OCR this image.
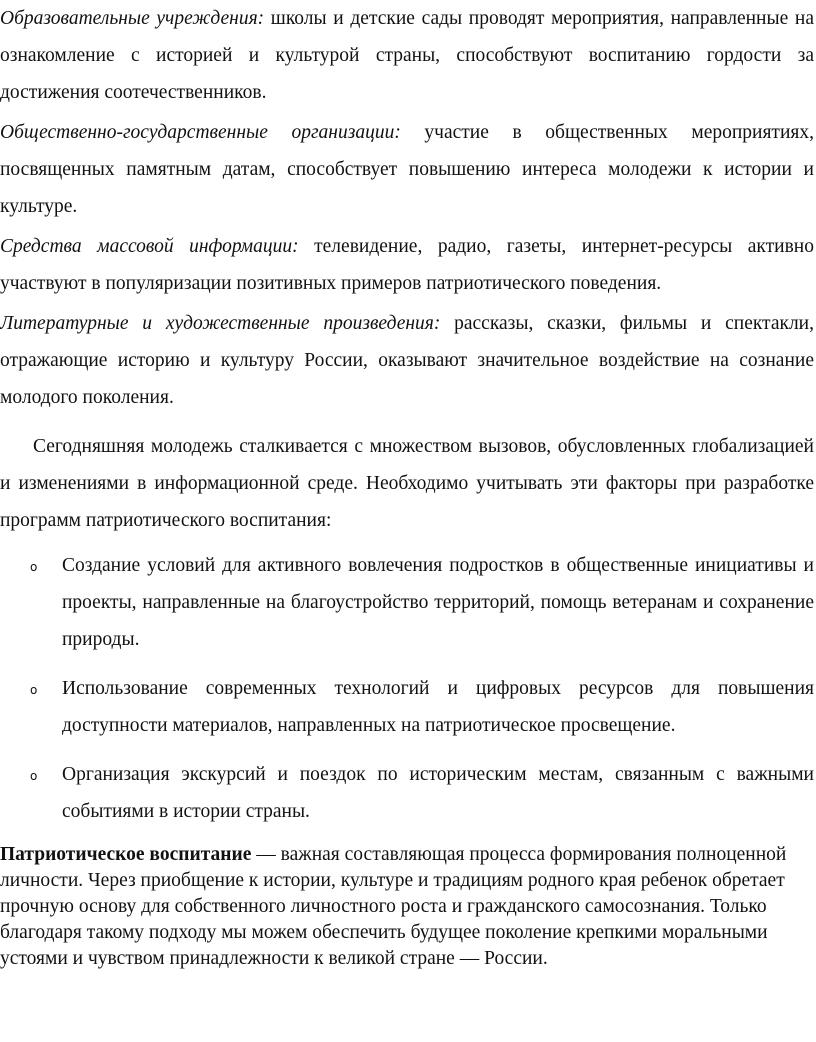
Образовательные учреждения: школы и детские сады проводят мероприятия, направленные на ознакомление с историей и культурой страны, способствуют воспитанию гордости за достижения соотечественников.

Общественно-государственные организации: участие в общественных мероприятиях, посвященных памятным датам, способствует повышению интереса молодежи к истории и культуре.

Средства массовой информации: телевидение, радио, газеты, интернет-ресурсы активно участвуют в популяризации позитивных примеров патриотического поведения.

Литературные и художественные произведения: рассказы, сказки, фильмы и спектакли, отражающие историю и культуру России, оказывают значительное воздействие на сознание молодого поколения.

Сегодняшняя молодежь сталкивается с множеством вызовов, обусловленных глобализацией и изменениями в информационной среде. Необходимо учитывать эти факторы при разработке программ патриотического воспитания:

o Создание условий для активного вовлечения подростков в общественные инициативы и проекты, направленные на благоустройство территорий, помощь ветеранам и сохранение природы.
o Использование современных технологий и цифровых ресурсов для повышения доступности материалов, направленных на патриотическое просвещение.
o Организация экскурсий и поездок по историческим местам, связанным с важными событиями в истории страны.

Патриотическое воспитание — важная составляющая процесса формирования полноценной личности. Через приобщение к истории, культуре и традициям родного края ребенок обретает прочную основу для собственного личностного роста и гражданского самосознания. Только благодаря такому подходу мы можем обеспечить будущее поколение крепкими моральными устоями и чувством принадлежности к великой стране — России.
